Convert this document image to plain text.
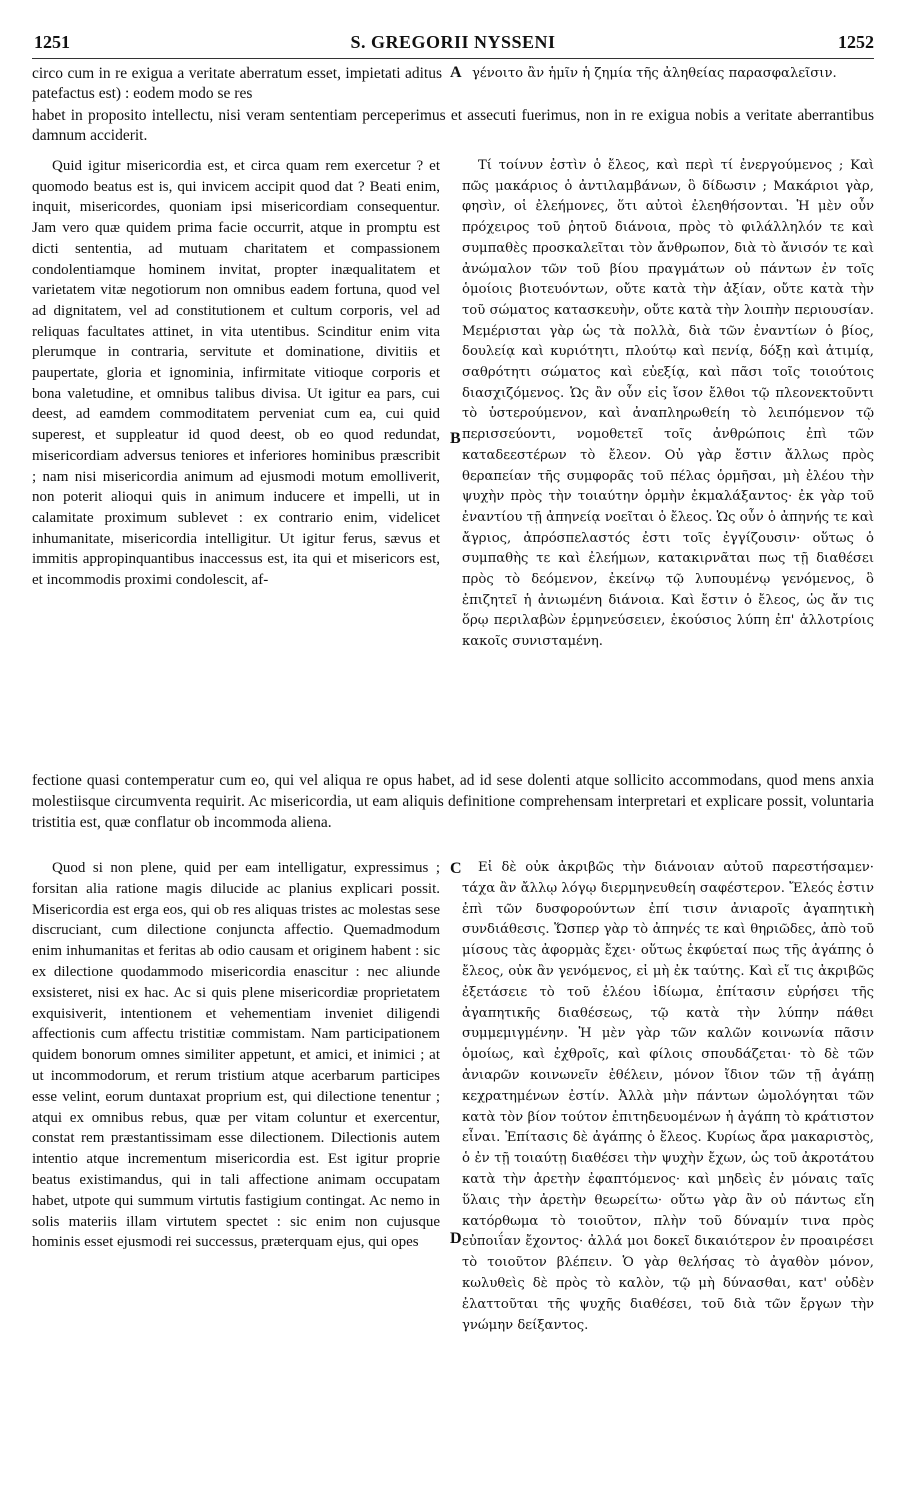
1251	S. GREGORII NYSSENI	1252

circo cum in re exigua a veritate aberratum esset, impietati aditus patefactus est) : eodem modo se res

γένοιτο ἂν ἡμῖν ἡ ζημία τῆς ἀληθείας παρασφαλεῖσιν.

habet in proposito intellectu, nisi veram sententiam perceperimus et assecuti fuerimus, non in re exigua nobis a veritate aberrantibus damnum acciderit.

Quid igitur misericordia est, et circa quam rem exercetur ? et quomodo beatus est is, qui invicem accipit quod dat ? Beati enim, inquit, misericordes, quoniam ipsi misericordiam consequentur. Jam vero quæ quidem prima facie occurrit, atque in promptu est dicti sententia, ad mutuam charitatem et compassionem condolentiamque hominem invitat, propter inæqualitatem et varietatem vitæ negotiorum non omnibus eadem fortuna, quod vel ad dignitatem, vel ad constitutionem et cultum corporis, vel ad reliquas facultates attinet, in vita utentibus. Scinditur enim vita plerumque in contraria, servitute et dominatione, divitiis et paupertate, gloria et ignominia, infirmitate vitioque corporis et bona valetudine, et omnibus talibus divisa. Ut igitur ea pars, cui deest, ad eamdem commoditatem perveniat cum ea, cui quid superest, et suppleatur id quod deest, ob eo quod redundat, misericordiam adversus teniores et inferiores hominibus præscribit ; nam nisi misericordia animum ad ejusmodi motum emolliverit, non poterit alioqui quis in animum inducere et impelli, ut in calamitate proximum sublevet : ex contrario enim, videlicet inhumanitate, misericordia intelligitur. Ut igitur ferus, sævus et immitis appropinquantibus inaccessus est, ita qui et misericors est, et incommodis proximi condolescit, af-

Τί τοίνυν ἐστὶν ὁ ἔλεος, καὶ περὶ τί ἐνεργούμενος ; Καὶ πῶς μακάριος ὁ ἀντιλαμβάνων, ὃ δίδωσιν ; Μακάριοι γὰρ, φησὶν, οἱ ἐλεήμονες, ὅτι αὐτοὶ ἐλεηθήσονται. Ἡ μὲν οὖν πρόχειρος τοῦ ῥητοῦ διάνοια, πρὸς τὸ φιλάλληλόν τε καὶ συμπαθὲς προσκαλεῖται τὸν ἄνθρωπον, διὰ τὸ ἄνισόν τε καὶ ἀνώμαλον τῶν τοῦ βίου πραγμάτων οὐ πάντων ἐν τοῖς ὁμοίοις βιοτευόντων, οὔτε κατὰ τὴν ἀξίαν, οὔτε κατὰ τὴν τοῦ σώματος κατασκευὴν, οὔτε κατὰ τὴν λοιπὴν περιουσίαν. Μεμέρισται γὰρ ὡς τὰ πολλὰ, διὰ τῶν ἐναντίων ὁ βίος, δουλείᾳ καὶ κυριότητι, πλούτῳ καὶ πενίᾳ, δόξῃ καὶ ἀτιμίᾳ, σαθρότητι σώματος καὶ εὐεξίᾳ, καὶ πᾶσι τοῖς τοιούτοις διασχιζόμενος. Ὡς ἂν οὖν εἰς ἴσον ἔλθοι τῷ πλεονεκτοῦντι τὸ ὑστερούμενον, καὶ ἀναπληρωθείη τὸ λειπόμενον τῷ περισσεύοντι, νομοθετεῖ τοῖς ἀνθρώποις ἐπὶ τῶν καταδεεστέρων τὸ ἔλεον. Οὐ γὰρ ἔστιν ἄλλως πρὸς θεραπείαν τῆς συμφορᾶς τοῦ πέλας ὁρμῆσαι, μὴ ἐλέου τὴν ψυχὴν πρὸς τὴν τοιαύτην ὁρμὴν ἐκμαλάξαντος· ἐκ γὰρ τοῦ ἐναντίου τῇ ἀπηνείᾳ νοεῖται ὁ ἔλεος. Ὡς οὖν ὁ ἀπηνής τε καὶ ἄγριος, ἀπρόσπελαστός ἐστι τοῖς ἐγγίζουσιν· οὕτως ὁ συμπαθὴς τε καὶ ἐλεήμων, κατακιρνᾶται πως τῇ διαθέσει πρὸς τὸ δεόμενον, ἐκείνῳ τῷ λυπουμένῳ γενόμενος, ὃ ἐπιζητεῖ ἡ ἀνιωμένη διάνοια. Καὶ ἔστιν ὁ ἔλεος, ὡς ἄν τις ὅρῳ περιλαβὼν ἑρμηνεύσειεν, ἑκούσιος λύπη ἐπ' ἀλλοτρίοις κακοῖς συνισταμένη.

fectione quasi contemperatur cum eo, qui vel aliqua re opus habet, ad id sese dolenti atque sollicito accommodans, quod mens anxia molestiisque circumventa requirit. Ac misericordia, ut eam aliquis definitione comprehensam interpretari et explicare possit, voluntaria tristitia est, quæ conflatur ob incommoda aliena.

Quod si non plene, quid per eam intelligatur, expressimus ; forsitan alia ratione magis dilucide ac planius explicari possit. Misericordia est erga eos, qui ob res aliquas tristes ac molestas sese discruciant, cum dilectione conjuncta affectio. Quemadmodum enim inhumanitas et feritas ab odio causam et originem habent : sic ex dilectione quodammodo misericordia enascitur : nec aliunde exsisteret, nisi ex hac. Ac si quis plene misericordiæ proprietatem exquisiverit, intentionem et vehementiam inveniet diligendi affectionis cum affectu tristitiæ commistam. Nam participationem quidem bonorum omnes similiter appetunt, et amici, et inimici ; at ut incommodorum, et rerum tristium atque acerbarum participes esse velint, eorum duntaxat proprium est, qui dilectione tenentur ; atqui ex omnibus rebus, quæ per vitam coluntur et exercentur, constat rem præstantissimam esse dilectionem. Dilectionis autem intentio atque incrementum misericordia est. Est igitur proprie beatus existimandus, qui in tali affectione animam occupatam habet, utpote qui summum virtutis fastigium contingat. Ac nemo in solis materiis illam virtutem spectet : sic enim non cujusque hominis esset ejusmodi rei successus, præterquam ejus, qui opes

Εἰ δὲ οὐκ ἀκριβῶς τὴν διάνοιαν αὐτοῦ παρεστήσαμεν· τάχα ἂν ἄλλῳ λόγῳ διερμηνευθείη σαφέστερον. Ἔλεός ἐστιν ἐπὶ τῶν δυσφορούντων ἐπί τισιν ἀνιαροῖς ἀγαπητικὴ συνδιάθεσις. Ὥσπερ γὰρ τὸ ἀπηνές τε καὶ θηριῶδες, ἀπὸ τοῦ μίσους τὰς ἀφορμὰς ἔχει· οὕτως ἐκφύεταί πως τῆς ἀγάπης ὁ ἔλεος, οὐκ ἂν γενόμενος, εἰ μὴ ἐκ ταύτης. Καὶ εἴ τις ἀκριβῶς ἐξετάσειε τὸ τοῦ ἐλέου ἰδίωμα, ἐπίτασιν εὑρήσει τῆς ἀγαπητικῆς διαθέσεως, τῷ κατὰ τὴν λύπην πάθει συμμεμιγμένην. Ἡ μὲν γὰρ τῶν καλῶν κοινωνία πᾶσιν ὁμοίως, καὶ ἐχθροῖς, καὶ φίλοις σπουδάζεται· τὸ δὲ τῶν ἀνιαρῶν κοινωνεῖν ἐθέλειν, μόνον ἴδιον τῶν τῇ ἀγάπῃ κεχρατημένων ἐστίν. Ἀλλὰ μὴν πάντων ὡμολόγηται τῶν κατὰ τὸν βίον τούτον ἐπιτηδευομένων ἡ ἀγάπη τὸ κράτιστον εἶναι. Ἐπίτασις δὲ ἀγάπης ὁ ἔλεος. Κυρίως ἄρα μακαριστὸς, ὁ ἐν τῇ τοιαύτῃ διαθέσει τὴν ψυχὴν ἔχων, ὡς τοῦ ἀκροτάτου κατὰ τὴν ἀρετὴν ἐφαπτόμενος· καὶ μηδεὶς ἐν μόναις ταῖς ὕλαις τὴν ἀρετὴν θεωρείτω· οὕτω γὰρ ἂν οὐ πάντως εἴη κατόρθωμα τὸ τοιοῦτον, πλὴν τοῦ δύναμίν τινα πρὸς εὐποιΐαν ἔχοντος· ἀλλά μοι δοκεῖ δικαιότερον ἐν προαιρέσει τὸ τοιοῦτον βλέπειν. Ὁ γὰρ θελήσας τὸ ἀγαθὸν μόνον, κωλυθεὶς δὲ πρὸς τὸ καλὸν, τῷ μὴ δύνασθαι, κατ' οὐδὲν ἐλαττοῦται τῆς ψυχῆς διαθέσει, τοῦ διὰ τῶν ἔργων τὴν γνώμην δείξαντος.

A
B
C
D
